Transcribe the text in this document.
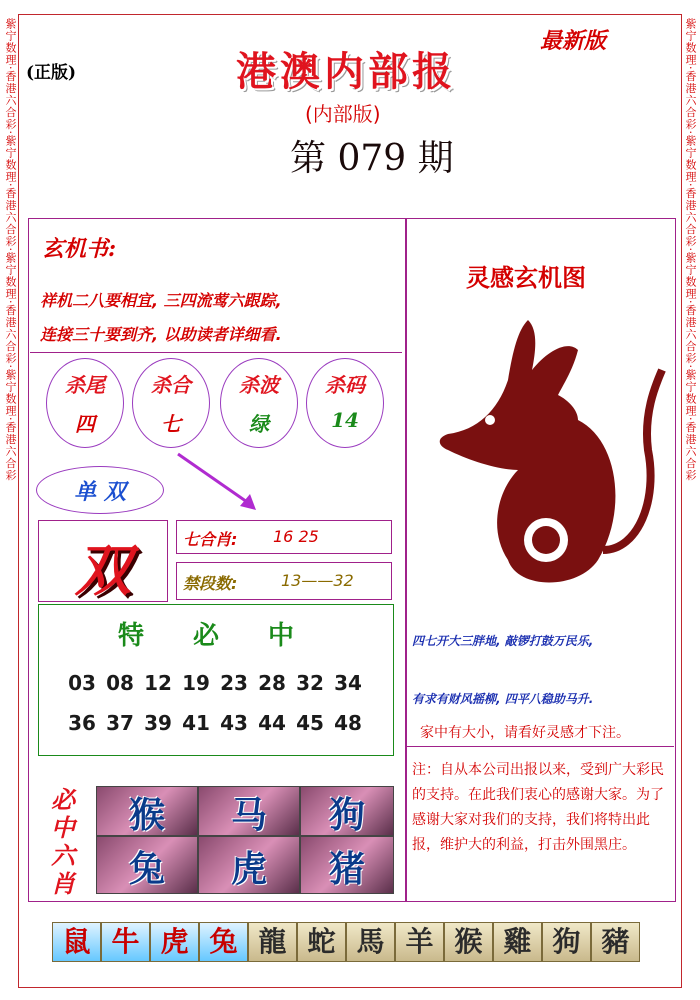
紫宁数理·香港六合彩·紫宁数理·香港六合彩·紫宁数理·香港六合彩·紫宁数理·香港六合彩	紫宁数理·香港六合彩·紫宁数理·香港六合彩·紫宁数理·香港六合彩·紫宁数理·香港六合彩
(正版)
最新版
港澳内部报
(内部版)
第 079 期
玄机书:
祥机二八要相宜, 三四流莺六跟踪,
连接三十要到齐, 以助读者详细看.
杀尾
四
杀合
七
杀波
绿
杀码
14
单 双
双	七合肖: 16 25
禁段数:	13——32
特 必 中
03 08 12 19 23 28 32 34
36 37 39 41 43 44 45 48
必中六肖
猴	马	狗
兔	虎	猪
灵感玄机图
四七开大三胖地, 敲锣打鼓万民乐,
有求有财风摇柳, 四平八稳助马升.
家中有大小，请看好灵感才下注。
注：自从本公司出报以来，受到广大彩民的支持。在此我们衷心的感谢大家。为了感谢大家对我们的支持，我们将特出此报，维护大的利益，打击外围黑庄。
鼠 牛 虎 兔 龍 蛇 馬 羊 猴 雞 狗 豬
